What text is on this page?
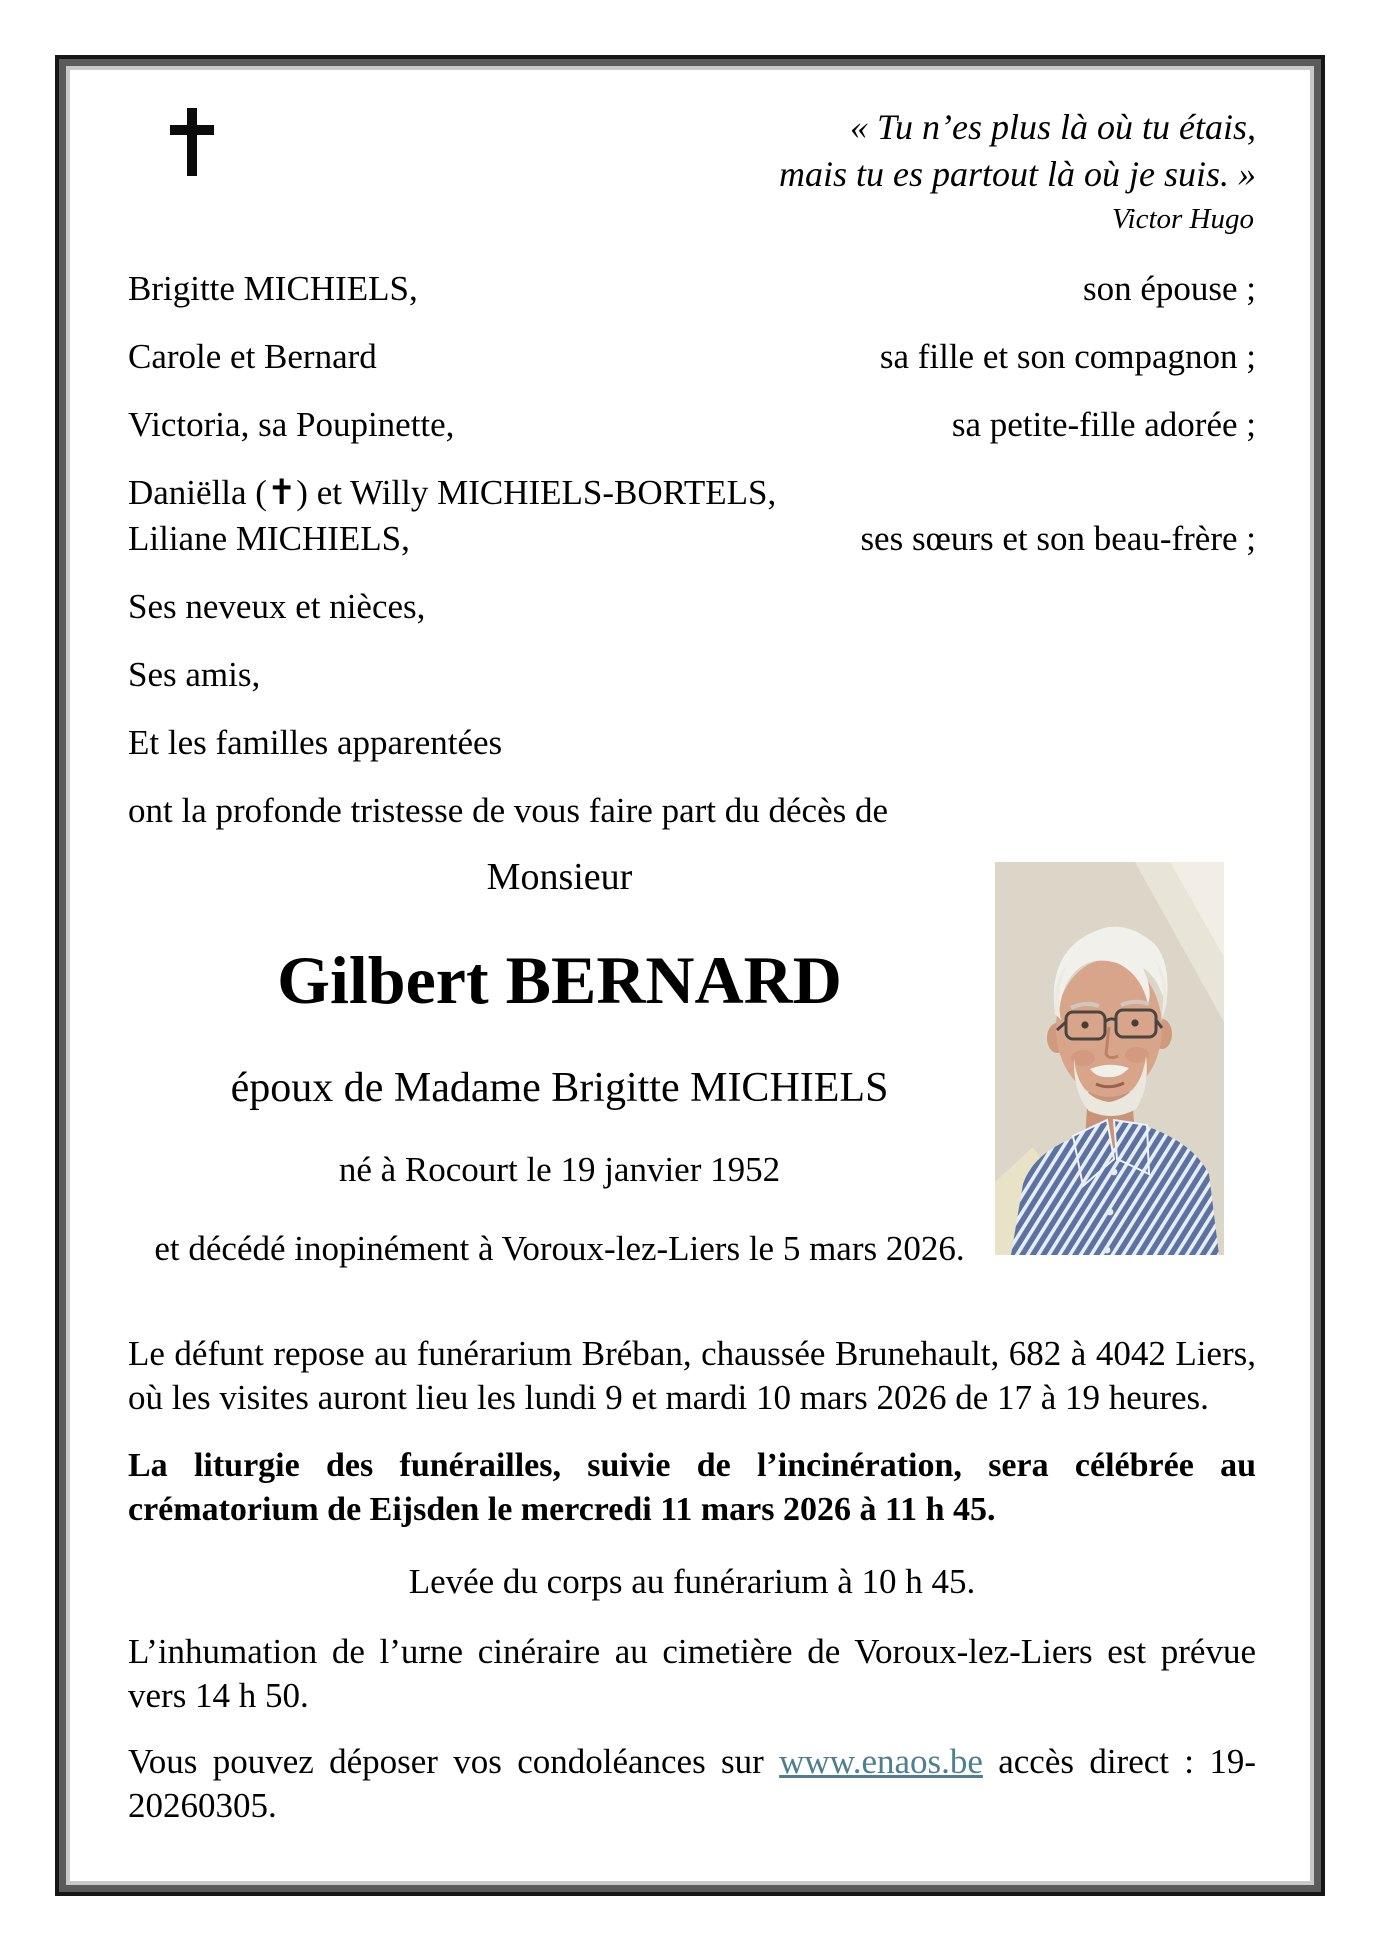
« Tu n’es plus là où tu étais,
mais tu es partout là où je suis. »
Victor Hugo
Brigitte MICHIELS,	son épouse ;
Carole et Bernard	sa fille et son compagnon ;
Victoria, sa Poupinette,	sa petite-fille adorée ;
Daniëlla (✝) et Willy MICHIELS-BORTELS,
Liliane MICHIELS,	ses sœurs et son beau-frère ;
Ses neveux et nièces,
Ses amis,
Et les familles apparentées
ont la profonde tristesse de vous faire part du décès de
Monsieur
Gilbert BERNARD
époux de Madame Brigitte MICHIELS
né à Rocourt le 19 janvier 1952
et décédé inopinément à Voroux-lez-Liers le 5 mars 2026.

Le défunt repose au funérarium Bréban, chaussée Brunehault, 682 à 4042 Liers, où les visites auront lieu les lundi 9 et mardi 10 mars 2026 de 17 à 19 heures.

La liturgie des funérailles, suivie de l’incinération, sera célébrée au crématorium de Eijsden le mercredi 11 mars 2026 à 11 h 45.

Levée du corps au funérarium à 10 h 45.

L’inhumation de l’urne cinéraire au cimetière de Voroux-lez-Liers est prévue vers 14 h 50.

Vous pouvez déposer vos condoléances sur www.enaos.be accès direct : 19-20260305.
